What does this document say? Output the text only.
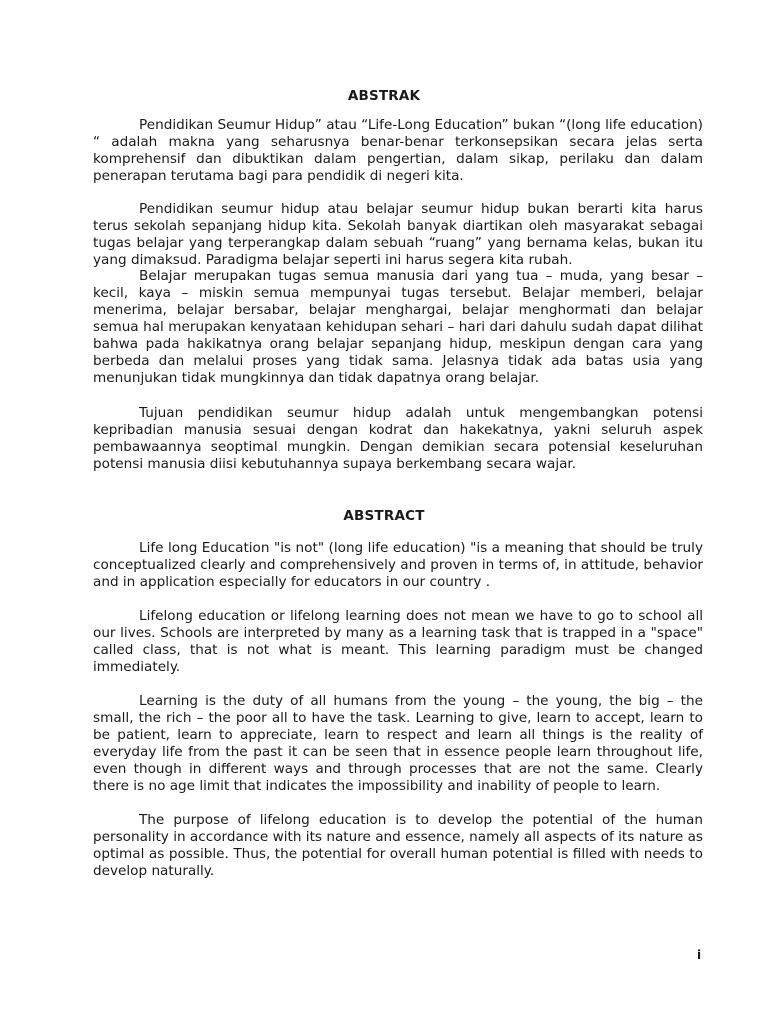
ABSTRAK

Pendidikan Seumur Hidup” atau “Life-Long Education” bukan “(long life education) “ adalah makna yang seharusnya benar-benar terkonsepsikan secara jelas serta komprehensif dan dibuktikan dalam pengertian, dalam sikap, perilaku dan dalam penerapan terutama bagi para pendidik di negeri kita.

Pendidikan seumur hidup atau belajar seumur hidup bukan berarti kita harus terus sekolah sepanjang hidup kita. Sekolah banyak diartikan oleh masyarakat sebagai tugas belajar yang terperangkap dalam sebuah “ruang” yang bernama kelas, bukan itu yang dimaksud. Paradigma belajar seperti ini harus segera kita rubah.

Belajar merupakan tugas semua manusia dari yang tua – muda, yang besar – kecil, kaya – miskin semua mempunyai tugas tersebut. Belajar memberi, belajar menerima, belajar bersabar, belajar menghargai, belajar menghormati dan belajar semua hal merupakan kenyataan kehidupan sehari – hari dari dahulu sudah dapat dilihat bahwa pada hakikatnya orang belajar sepanjang hidup, meskipun dengan cara yang berbeda dan melalui proses yang tidak sama. Jelasnya tidak ada batas usia yang menunjukan tidak mungkinnya dan tidak dapatnya orang belajar.

Tujuan pendidikan seumur hidup adalah untuk mengembangkan potensi kepribadian manusia sesuai dengan kodrat dan hakekatnya, yakni seluruh aspek pembawaannya seoptimal mungkin. Dengan demikian secara potensial keseluruhan potensi manusia diisi kebutuhannya supaya berkembang secara wajar.

ABSTRACT

Life long Education "is not" (long life education) "is a meaning that should be truly conceptualized clearly and comprehensively and proven in terms of, in attitude, behavior and in application especially for educators in our country .

Lifelong education or lifelong learning does not mean we have to go to school all our lives. Schools are interpreted by many as a learning task that is trapped in a "space" called class, that is not what is meant. This learning paradigm must be changed immediately.

Learning is the duty of all humans from the young – the young, the big – the small, the rich – the poor all to have the task. Learning to give, learn to accept, learn to be patient, learn to appreciate, learn to respect and learn all things is the reality of everyday life from the past it can be seen that in essence people learn throughout life, even though in different ways and through processes that are not the same. Clearly there is no age limit that indicates the impossibility and inability of people to learn.

The purpose of lifelong education is to develop the potential of the human personality in accordance with its nature and essence, namely all aspects of its nature as optimal as possible. Thus, the potential for overall human potential is filled with needs to develop naturally.

i
